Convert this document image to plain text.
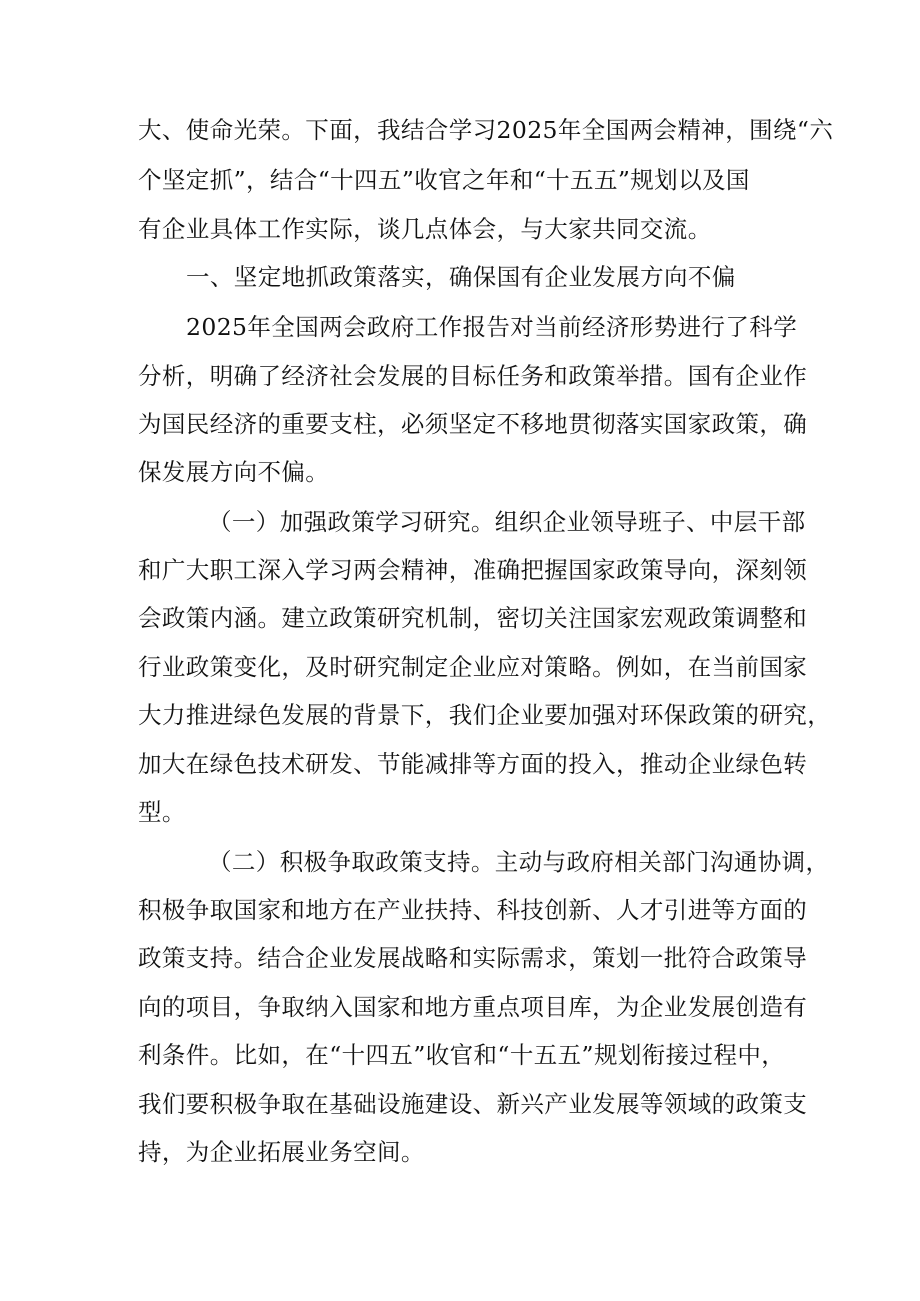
大、使命光荣。下面，我结合学习2025年全国两会精神，围绕“六
个坚定抓”，结合“十四五”收官之年和“十五五”规划以及国
有企业具体工作实际，谈几点体会，与大家共同交流。
一、坚定地抓政策落实，确保国有企业发展方向不偏
2025年全国两会政府工作报告对当前经济形势进行了科学
分析，明确了经济社会发展的目标任务和政策举措。国有企业作
为国民经济的重要支柱，必须坚定不移地贯彻落实国家政策，确
保发展方向不偏。
（一）加强政策学习研究。组织企业领导班子、中层干部
和广大职工深入学习两会精神，准确把握国家政策导向，深刻领
会政策内涵。建立政策研究机制，密切关注国家宏观政策调整和
行业政策变化，及时研究制定企业应对策略。例如，在当前国家
大力推进绿色发展的背景下，我们企业要加强对环保政策的研究，
加大在绿色技术研发、节能减排等方面的投入，推动企业绿色转
型。
（二）积极争取政策支持。主动与政府相关部门沟通协调，
积极争取国家和地方在产业扶持、科技创新、人才引进等方面的
政策支持。结合企业发展战略和实际需求，策划一批符合政策导
向的项目，争取纳入国家和地方重点项目库，为企业发展创造有
利条件。比如，在“十四五”收官和“十五五”规划衔接过程中，
我们要积极争取在基础设施建设、新兴产业发展等领域的政策支
持，为企业拓展业务空间。
